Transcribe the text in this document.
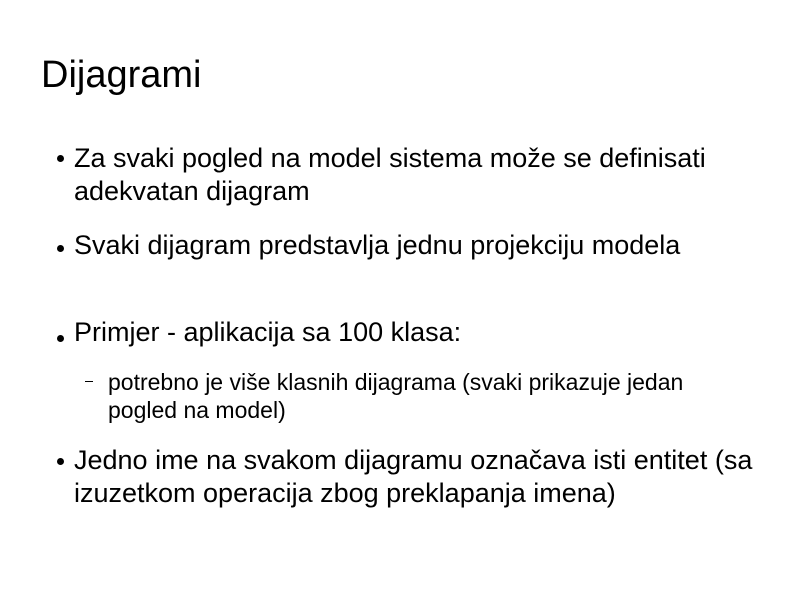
Dijagrami
Za svaki pogled na model sistema može se definisati adekvatan dijagram
Svaki dijagram predstavlja jednu projekciju modela
Primjer - aplikacija sa 100 klasa:
potrebno je više klasnih dijagrama (svaki prikazuje jedan pogled na model)
Jedno ime na svakom dijagramu označava isti entitet (sa izuzetkom operacija zbog preklapanja imena)
